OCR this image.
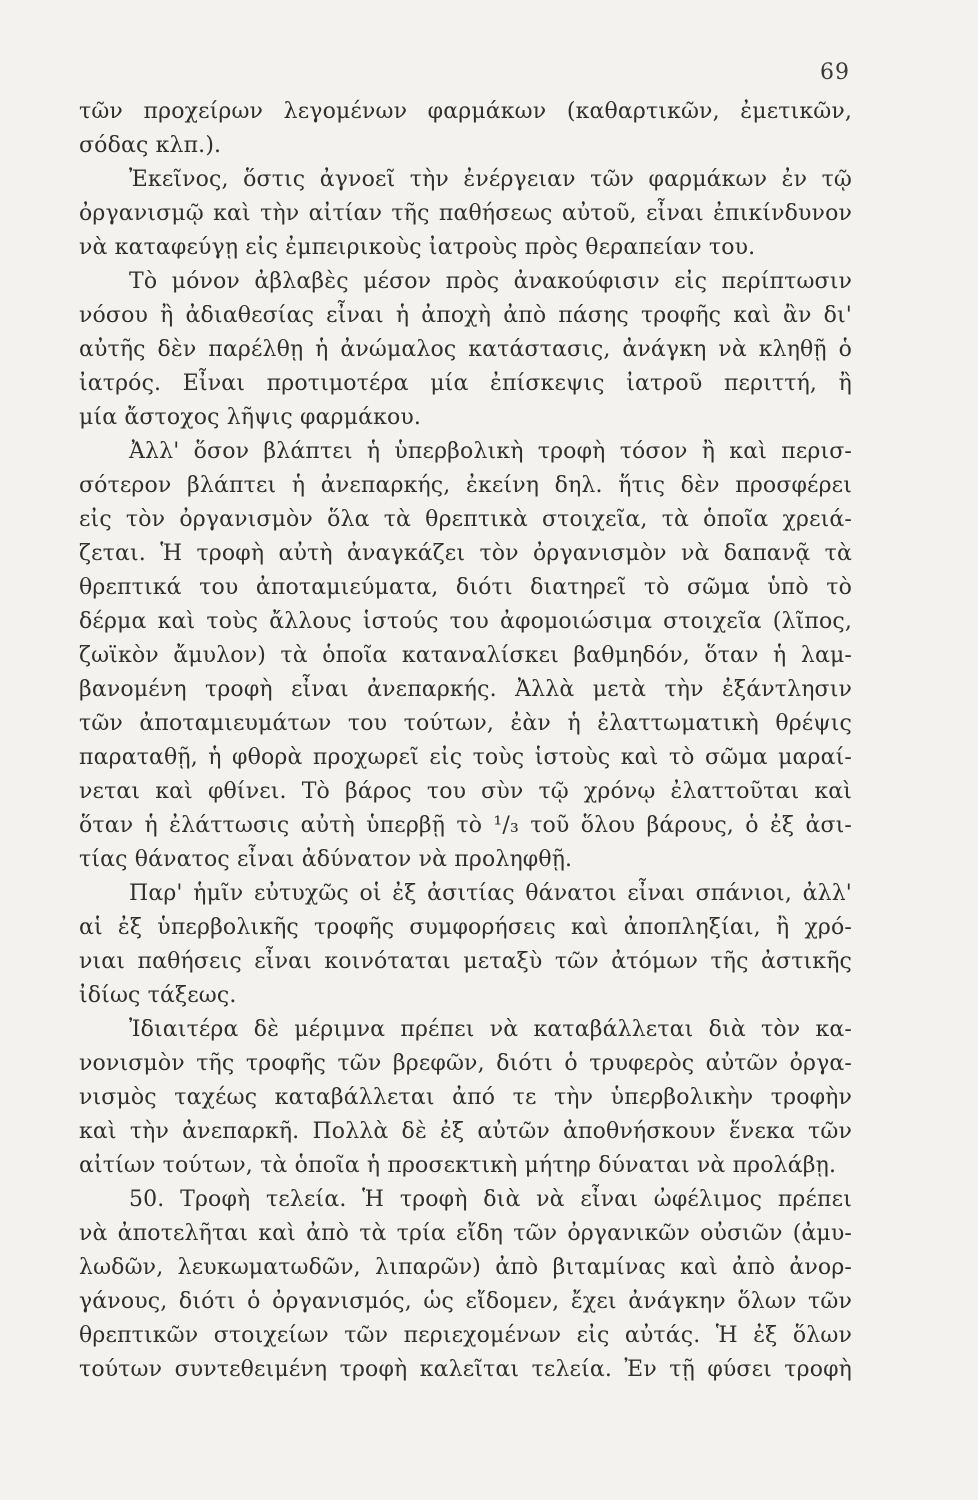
69
τῶν προχείρων λεγομένων φαρμάκων (καθαρτικῶν, ἐμετικῶν,
σόδας κλπ.).
Ἐκεῖνος, ὅστις ἀγνοεῖ τὴν ἐνέργειαν τῶν φαρμάκων ἐν τῷ
ὀργανισμῷ καὶ τὴν αἰτίαν τῆς παθήσεως αὐτοῦ, εἶναι ἐπικίνδυνον
νὰ καταφεύγῃ εἰς ἐμπειρικοὺς ἰατροὺς πρὸς θεραπείαν του.
Τὸ μόνον ἀβλαβὲς μέσον πρὸς ἀνακούφισιν εἰς περίπτωσιν
νόσου ἢ ἀδιαθεσίας εἶναι ἡ ἀποχὴ ἀπὸ πάσης τροφῆς καὶ ἂν δι'
αὐτῆς δὲν παρέλθῃ ἡ ἀνώμαλος κατάστασις, ἀνάγκη νὰ κληθῇ ὁ
ἰατρός. Εἶναι προτιμοτέρα μία ἐπίσκεψις ἰατροῦ περιττή, ἢ
μία ἄστοχος λῆψις φαρμάκου.
Ἀλλ' ὅσον βλάπτει ἡ ὑπερβολικὴ τροφὴ τόσον ἢ καὶ περισ-
σότερον βλάπτει ἡ ἀνεπαρκής, ἐκείνη δηλ. ἥτις δὲν προσφέρει
εἰς τὸν ὀργανισμὸν ὅλα τὰ θρεπτικὰ στοιχεῖα, τὰ ὁποῖα χρειά-
ζεται. Ἡ τροφὴ αὐτὴ ἀναγκάζει τὸν ὀργανισμὸν νὰ δαπανᾷ τὰ
θρεπτικά του ἀποταμιεύματα, διότι διατηρεῖ τὸ σῶμα ὑπὸ τὸ
δέρμα καὶ τοὺς ἄλλους ἱστούς του ἀφομοιώσιμα στοιχεῖα (λῖπος,
ζωϊκὸν ἄμυλον) τὰ ὁποῖα καταναλίσκει βαθμηδόν, ὅταν ἡ λαμ-
βανομένη τροφὴ εἶναι ἀνεπαρκής. Ἀλλὰ μετὰ τὴν ἐξάντλησιν
τῶν ἀποταμιευμάτων του τούτων, ἐὰν ἡ ἐλαττωματικὴ θρέψις
παραταθῇ, ἡ φθορὰ προχωρεῖ εἰς τοὺς ἱστοὺς καὶ τὸ σῶμα μαραί-
νεται καὶ φθίνει. Τὸ βάρος του σὺν τῷ χρόνῳ ἐλαττοῦται καὶ
ὅταν ἡ ἐλάττωσις αὐτὴ ὑπερβῇ τὸ ¹/₃ τοῦ ὅλου βάρους, ὁ ἐξ ἀσι-
τίας θάνατος εἶναι ἀδύνατον νὰ προληφθῇ.
Παρ' ἡμῖν εὐτυχῶς οἱ ἐξ ἀσιτίας θάνατοι εἶναι σπάνιοι, ἀλλ'
αἱ ἐξ ὑπερβολικῆς τροφῆς συμφορήσεις καὶ ἀποπληξίαι, ἢ χρό-
νιαι παθήσεις εἶναι κοινόταται μεταξὺ τῶν ἀτόμων τῆς ἀστικῆς
ἰδίως τάξεως.
Ἰδιαιτέρα δὲ μέριμνα πρέπει νὰ καταβάλλεται διὰ τὸν κα-
νονισμὸν τῆς τροφῆς τῶν βρεφῶν, διότι ὁ τρυφερὸς αὐτῶν ὀργα-
νισμὸς ταχέως καταβάλλεται ἀπό τε τὴν ὑπερβολικὴν τροφὴν
καὶ τὴν ἀνεπαρκῆ. Πολλὰ δὲ ἐξ αὐτῶν ἀποθνήσκουν ἕνεκα τῶν
αἰτίων τούτων, τὰ ὁποῖα ἡ προσεκτικὴ μήτηρ δύναται νὰ προλάβῃ.
50. Τροφὴ τελεία. Ἡ τροφὴ διὰ νὰ εἶναι ὠφέλιμος πρέπει
νὰ ἀποτελῆται καὶ ἀπὸ τὰ τρία εἴδη τῶν ὀργανικῶν οὐσιῶν (ἀμυ-
λωδῶν, λευκωματωδῶν, λιπαρῶν) ἀπὸ βιταμίνας καὶ ἀπὸ ἀνορ-
γάνους, διότι ὁ ὀργανισμός, ὡς εἴδομεν, ἔχει ἀνάγκην ὅλων τῶν
θρεπτικῶν στοιχείων τῶν περιεχομένων εἰς αὐτάς. Ἡ ἐξ ὅλων
τούτων συντεθειμένη τροφὴ καλεῖται τελεία. Ἐν τῇ φύσει τροφὴ
